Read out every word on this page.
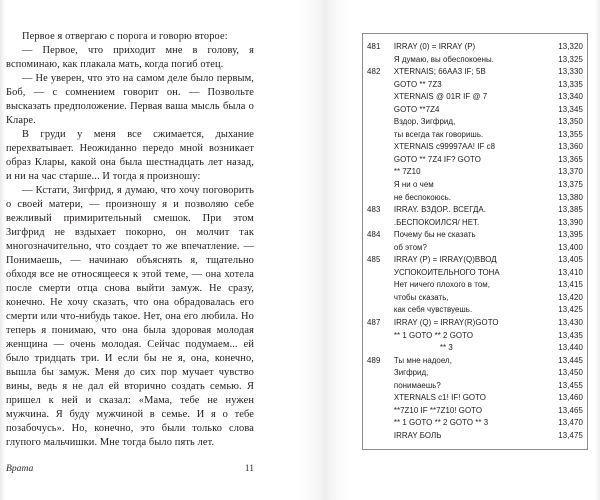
Первое я отвергаю с порога и говорю второе:

— Первое, что приходит мне в голову, я вспоминаю, как плакала мать, когда погиб отец.

— Не уверен, что это на самом деле было первым, Боб, — с сомнением говорит он. — Позвольте высказать предположение. Первая ваша мысль была о Кларе.

В груди у меня все сжимается, дыхание перехватывает. Неожиданно передо мной возникает образ Клары, какой она была шестнадцать лет назад, и ни на час старше... И тогда я произношу:

— Кстати, Зигфрид, я думаю, что хочу поговорить о своей матери, — произношу я и позволяю себе вежливый примирительный смешок. При этом Зигфрид не вздыхает покорно, он молчит так многозначительно, что создает то же впечатление. — Понимаешь, — начинаю объяснять я, тщательно обходя все не относящееся к этой теме, — она хотела после смерти отца снова выйти замуж. Не сразу, конечно. Не хочу сказать, что она обрадовалась его смерти или что-нибудь такое. Нет, она его любила. Но теперь я понимаю, что она была здоровая молодая женщина — очень молодая. Сейчас подумаем... ей было тридцать три. И если бы не я, она, конечно, вышла бы замуж. Меня до сих пор мучает чувство вины, ведь я не дал ей вторично создать семью. Я пришел к ней и сказал: «Мама, тебе не нужен мужчина. Я буду мужчиной в семье. И я о тебе позабочусь». Но, конечно, это были только слова глупого мальчишки. Мне тогда было пять лет.

Врата	11
481	IRRAY (0) = IRRAY (P)	13,320
	Я думаю, вы обеспокоены.	13,325
482	XTERNAIS; 66AA3 IF; 5B	13,330
	GOTO ** 7Z3	13,335
	XTERNAIS @ 01R IF @ 7	13,340
	GOTO **7Z4	13,345
	Вздор, Зигфрид,	13,350
	ты всегда так говоришь.	13,355
	XTERNAIS c99997AA! IF c8	13,360
	GOTO ** 7Z4 IF? GOTO	13,365
	** 7Z10	13,370
	Я ни о чем	13,375
	не беспокоюсь.	13,380
483	IRRAY. ВЗДОР.. ВСЕГДА.	13,385
	.БЕСПОКОИЛСЯ/ НЕТ.	13,390
484	Почему бы не сказать	13,395
	об этом?	13,400
485	IRRAY (P) = IRRAY(Q)ВВОД	13,405
	УСПОКОИТЕЛЬНОГО ТОНА	13,410
	Нет ничего плохого в том,	13,415
	чтобы сказать,	13,420
	как себя чувствуешь.	13,425
487	IRRAY (Q) = IRRAY(R)GOTO	13,430
	** 1 GOTO ** 2 GOTO	13,435
	** 3	13,440
489	Ты мне надоел,	13,445
	Зигфрид,	13,450
	понимаешь?	13,455
	XTERNALS c1! IF! GOTO	13,460
	**7Z10 IF **7Z10! GOTO	13,465
	** 1 GOTO ** 2 GOTO ** 3	13,470
	IRRAY БОЛЬ	13,475
